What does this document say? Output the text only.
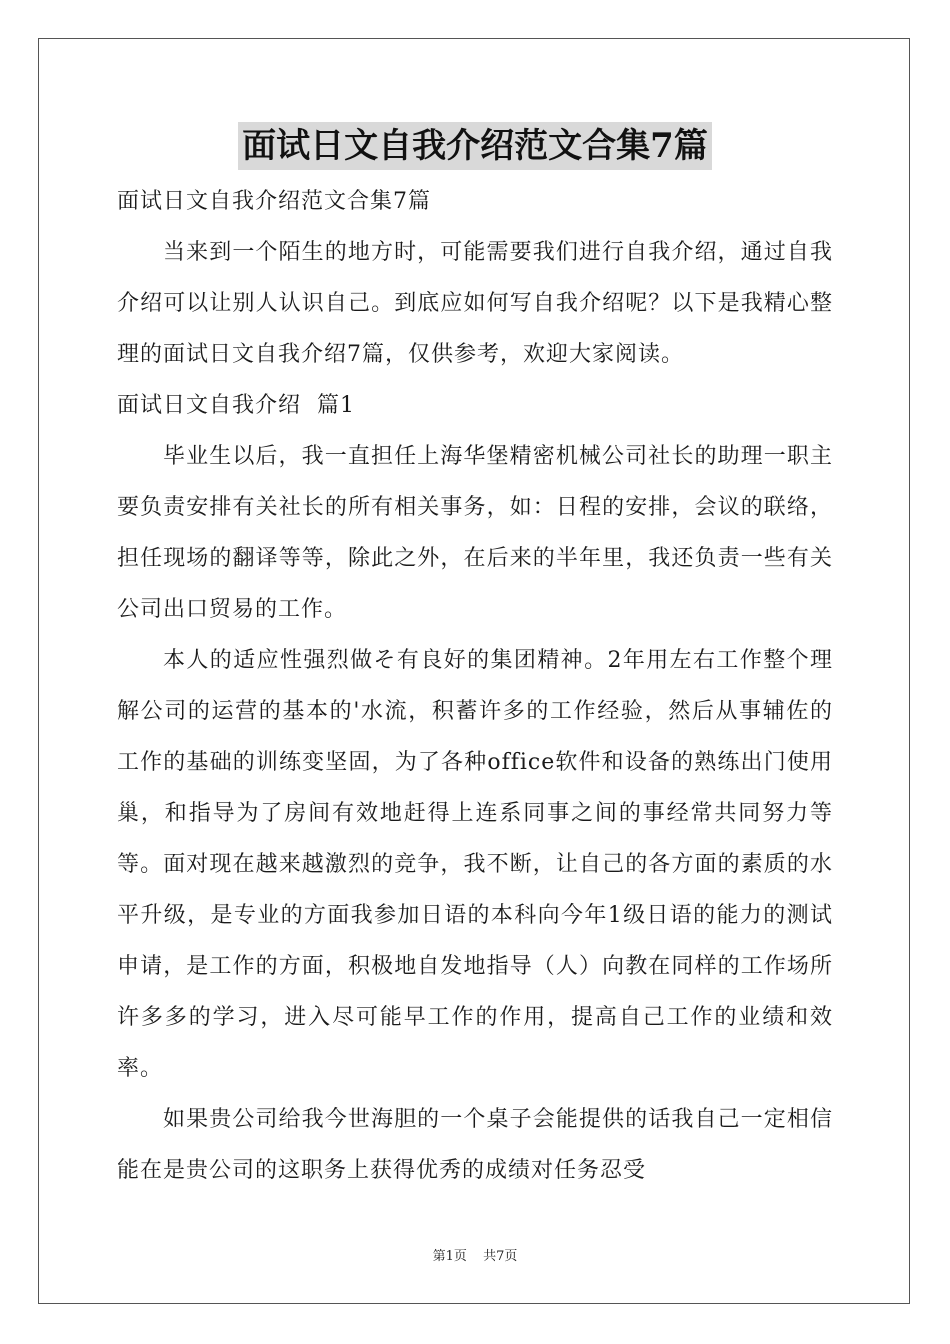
面试日文自我介绍范文合集7篇

面试日文自我介绍范文合集7篇

当来到一个陌生的地方时，可能需要我们进行自我介绍，通过自我介绍可以让别人认识自己。到底应如何写自我介绍呢？以下是我精心整理的面试日文自我介绍7篇，仅供参考，欢迎大家阅读。

面试日文自我介绍  篇1

毕业生以后，我一直担任上海华堡精密机械公司社长的助理一职主要负责安排有关社长的所有相关事务，如：日程的安排，会议的联络，担任现场的翻译等等，除此之外，在后来的半年里，我还负责一些有关公司出口贸易的工作。

本人的适应性强烈做そ有良好的集团精神。2年用左右工作整个理解公司的运营的基本的'水流，积蓄许多的工作经验，然后从事辅佐的工作的基础的训练变坚固，为了各种office软件和设备的熟练出门使用巢，和指导为了房间有效地赶得上连系同事之间的事经常共同努力等等。面对现在越来越激烈的竞争，我不断，让自己的各方面的素质的水平升级，是专业的方面我参加日语的本科向今年1级日语的能力的测试申请，是工作的方面，积极地自发地指导（人）向教在同样的工作场所许多多的学习，进入尽可能早工作的作用，提高自己工作的业绩和效率。

如果贵公司给我今世海胆的一个桌子会能提供的话我自己一定相信能在是贵公司的这职务上获得优秀的成绩对任务忍受

第1页 共7页
